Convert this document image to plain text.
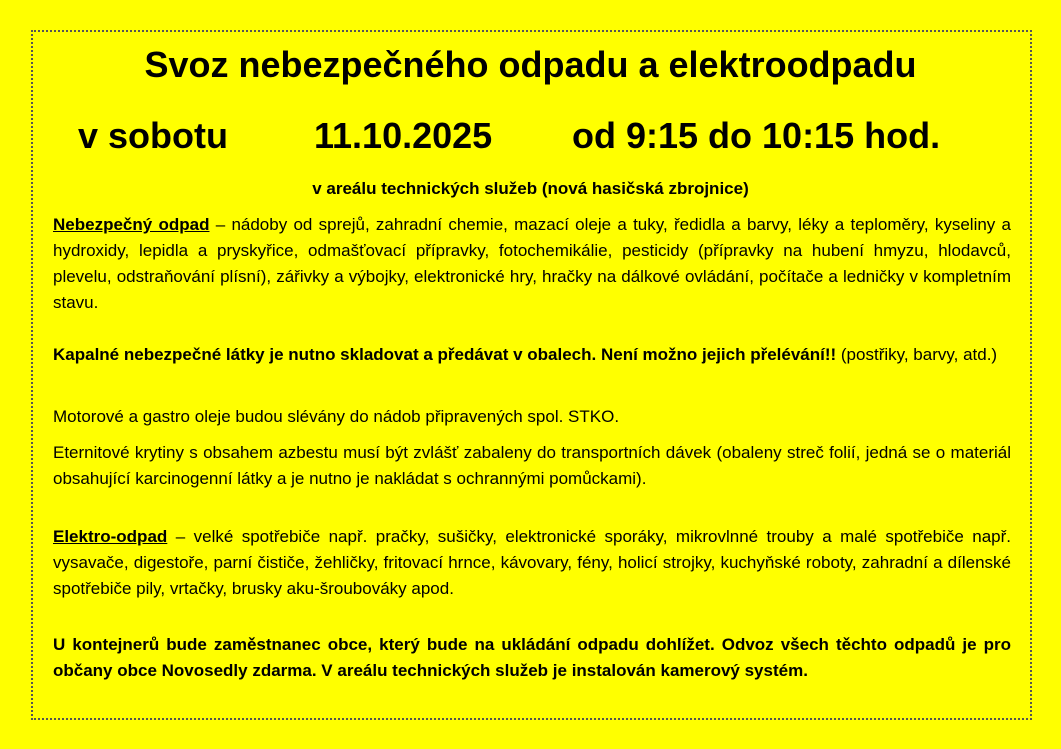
Svoz nebezpečného odpadu a elektroodpadu
v sobotu 11.10.2025 od 9:15 do 10:15 hod.
v areálu technických služeb (nová hasičská zbrojnice)

Nebezpečný odpad – nádoby od sprejů, zahradní chemie, mazací oleje a tuky, ředidla a barvy, léky a teploměry, kyseliny a hydroxidy, lepidla a pryskyřice, odmašťovací přípravky, fotochemikálie, pesticidy (přípravky na hubení hmyzu, hlodavců, plevelu, odstraňování plísní), zářivky a výbojky, elektronické hry, hračky na dálkové ovládání, počítače a ledničky v kompletním stavu.

Kapalné nebezpečné látky je nutno skladovat a předávat v obalech. Není možno jejich přelévání!! (postřiky, barvy, atd.)

Motorové a gastro oleje budou slévány do nádob připravených spol. STKO.

Eternitové krytiny s obsahem azbestu musí být zvlášť zabaleny do transportních dávek (obaleny streč folií, jedná se o materiál obsahující karcinogenní látky a je nutno je nakládat s ochrannými pomůckami).

Elektro-odpad – velké spotřebiče např. pračky, sušičky, elektronické sporáky, mikrovlnné trouby a malé spotřebiče např. vysavače, digestoře, parní čističe, žehličky, fritovací hrnce, kávovary, fény, holicí strojky, kuchyňské roboty, zahradní a dílenské spotřebiče pily, vrtačky, brusky aku-šroubováky apod.

U kontejnerů bude zaměstnanec obce, který bude na ukládání odpadu dohlížet. Odvoz všech těchto odpadů je pro občany obce Novosedly zdarma. V areálu technických služeb je instalován kamerový systém.
